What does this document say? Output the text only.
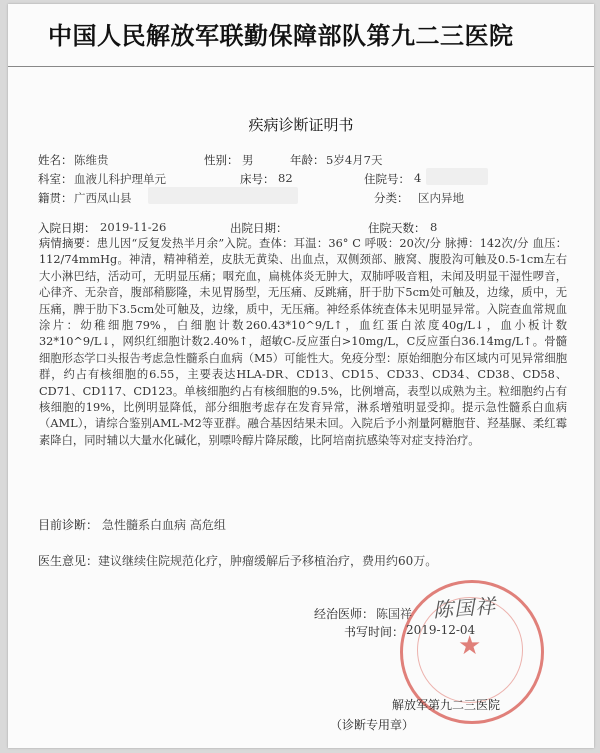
中国人民解放军联勤保障部队第九二三医院
疾病诊断证明书
姓名： 陈维贵	性别： 男	年龄： 5岁4月7天
科室： 血液儿科护理单元	床号： 82	住院号： 4
籍贯： 广西凤山县	分类： 区内异地
入院日期： 2019-11-26	出院日期：	住院天数： 8
病情摘要：患儿因“反复发热半月余”入院。查体：耳温：36° C 呼吸：20次/分 脉搏：142次/分 血压：112/74mmHg。神清，精神稍差，皮肤无黄染、出血点，双侧颈部、腋窝、腹股沟可触及0.5-1cm左右大小淋巴结，活动可，无明显压痛；咽充血，扁桃体炎无肿大，双肺呼吸音粗，未闻及明显干湿性啰音，心律齐、无杂音，腹部稍膨隆，未见胃肠型，无压痛、反跳痛，肝于肋下5cm处可触及，边缘，质中，无压痛，脾于肋下3.5cm处可触及，边缘，质中，无压痛。神经系体统查体未见明显异常。入院查血常规血涂片：幼稚细胞79%，白细胞计数260.43*10^9/L↑，血红蛋白浓度40g/L↓，血小板计数32*10^9/L↓，网织红细胞计数2.40%↑，超敏C-反应蛋白>10mg/L，C反应蛋白36.14mg/L↑。骨髓细胞形态学口头报告考虑急性髓系白血病（M5）可能性大。免疫分型：原始细胞分布区域内可见异常细胞群，约占有核细胞的6.55，主要表达HLA-DR、CD13、CD15、CD33、CD34、CD38、CD58、CD71、CD117、CD123。单核细胞约占有核细胞的9.5%，比例增高，表型以成熟为主。粒细胞约占有核细胞的19%，比例明显降低，部分细胞考虑存在发育异常，淋系增殖明显受抑。提示急性髓系白血病（AML），请综合鉴别AML-M2等亚群。融合基因结果未回。入院后予小剂量阿糖胞苷、羟基脲、柔红霉素降白，同时辅以大量水化碱化，别嘌呤醇片降尿酸，比阿培南抗感染等对症支持治疗。
目前诊断： 急性髓系白血病 高危组
医生意见： 建议继续住院规范化疗，肿瘤缓解后予移植治疗，费用约60万。
★
经治医师： 陈国祥 陈国祥
书写时间： 2019-12-04
解放军第九二三医院
（诊断专用章）
